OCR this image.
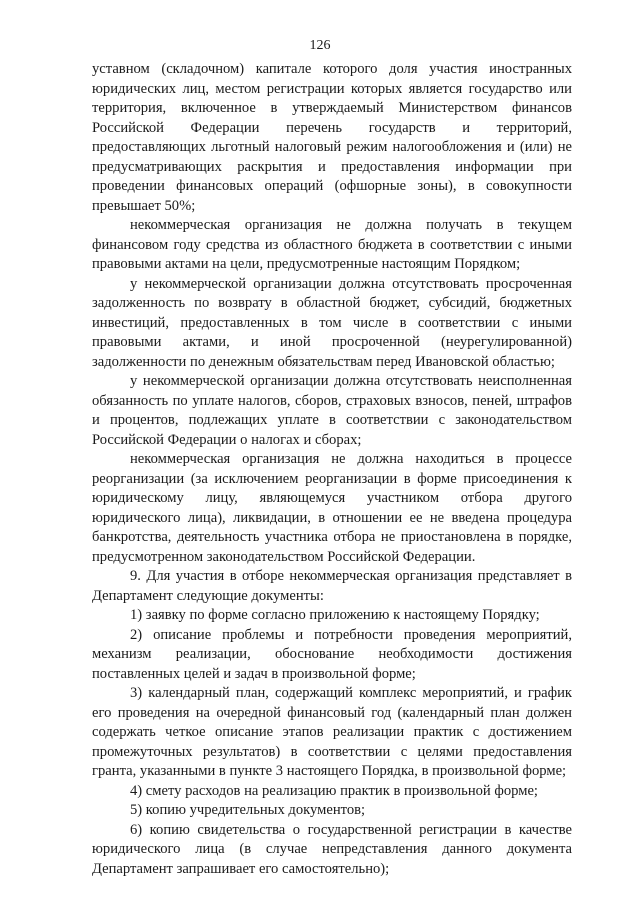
126

уставном (складочном) капитале которого доля участия иностранных юридических лиц, местом регистрации которых является государство или территория, включенное в утверждаемый Министерством финансов Российской Федерации перечень государств и территорий, предоставляющих льготный налоговый режим налогообложения и (или) не предусматривающих раскрытия и предоставления информации при проведении финансовых операций (офшорные зоны), в совокупности превышает 50%;

некоммерческая организация не должна получать в текущем финансовом году средства из областного бюджета в соответствии с иными правовыми актами на цели, предусмотренные настоящим Порядком;

у некоммерческой организации должна отсутствовать просроченная задолженность по возврату в областной бюджет, субсидий, бюджетных инвестиций, предоставленных в том числе в соответствии с иными правовыми актами, и иной просроченной (неурегулированной) задолженности по денежным обязательствам перед Ивановской областью;

у некоммерческой организации должна отсутствовать неисполненная обязанность по уплате налогов, сборов, страховых взносов, пеней, штрафов и процентов, подлежащих уплате в соответствии с законодательством Российской Федерации о налогах и сборах;

некоммерческая организация не должна находиться в процессе реорганизации (за исключением реорганизации в форме присоединения к юридическому лицу, являющемуся участником отбора другого юридического лица), ликвидации, в отношении ее не введена процедура банкротства, деятельность участника отбора не приостановлена в порядке, предусмотренном законодательством Российской Федерации.

9. Для участия в отборе некоммерческая организация представляет в Департамент следующие документы:

1) заявку по форме согласно приложению к настоящему Порядку;

2) описание проблемы и потребности проведения мероприятий, механизм реализации, обоснование необходимости достижения поставленных целей и задач в произвольной форме;

3) календарный план, содержащий комплекс мероприятий, и график его проведения на очередной финансовый год (календарный план должен содержать четкое описание этапов реализации практик с достижением промежуточных результатов) в соответствии с целями предоставления гранта, указанными в пункте 3 настоящего Порядка, в произвольной форме;

4) смету расходов на реализацию практик в произвольной форме;

5) копию учредительных документов;

6) копию свидетельства о государственной регистрации в качестве юридического лица (в случае непредставления данного документа Департамент запрашивает его самостоятельно);
